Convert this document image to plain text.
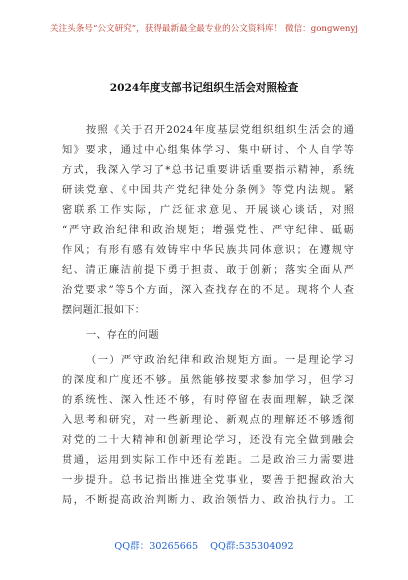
关注头条号“公文研究”，获得最新最全最专业的公文资料库！ 微信：gongwenyj
2024年度支部书记组织生活会对照检查
按照《关于召开2024年度基层党组织组织生活会的通
知》要求，通过中心组集体学习、集中研讨、个人自学等
方式，我深入学习了*总书记重要讲话重要指示精神，系统
研读党章、《中国共产党纪律处分条例》等党内法规。紧
密联系工作实际，广泛征求意见、开展谈心谈话，对照
“严守政治纪律和政治规矩；增强党性、严守纪律、砥砺
作风；有形有感有效铸牢中华民族共同体意识；在遵规守
纪、清正廉洁前提下勇于担责、敢于创新；落实全面从严
治党要求”等5个方面，深入查找存在的不足。现将个人查
摆问题汇报如下：
一、存在的问题
（一）严守政治纪律和政治规矩方面。一是理论学习
的深度和广度还不够。虽然能够按要求参加学习，但学习
的系统性、深入性还不够，有时停留在表面理解，缺乏深
入思考和研究，对一些新理论、新观点的理解还不够透彻
对党的二十大精神和创新理论学习，还没有完全做到融会
贯通，运用到实际工作中还有差距。二是政治三力需要进
一步提升。总书记指出推进全党事业，要善于把握政治大
局，不断提高政治判断力、政治领悟力、政治执行力。工
QQ群：30265665 QQ群:535304092
